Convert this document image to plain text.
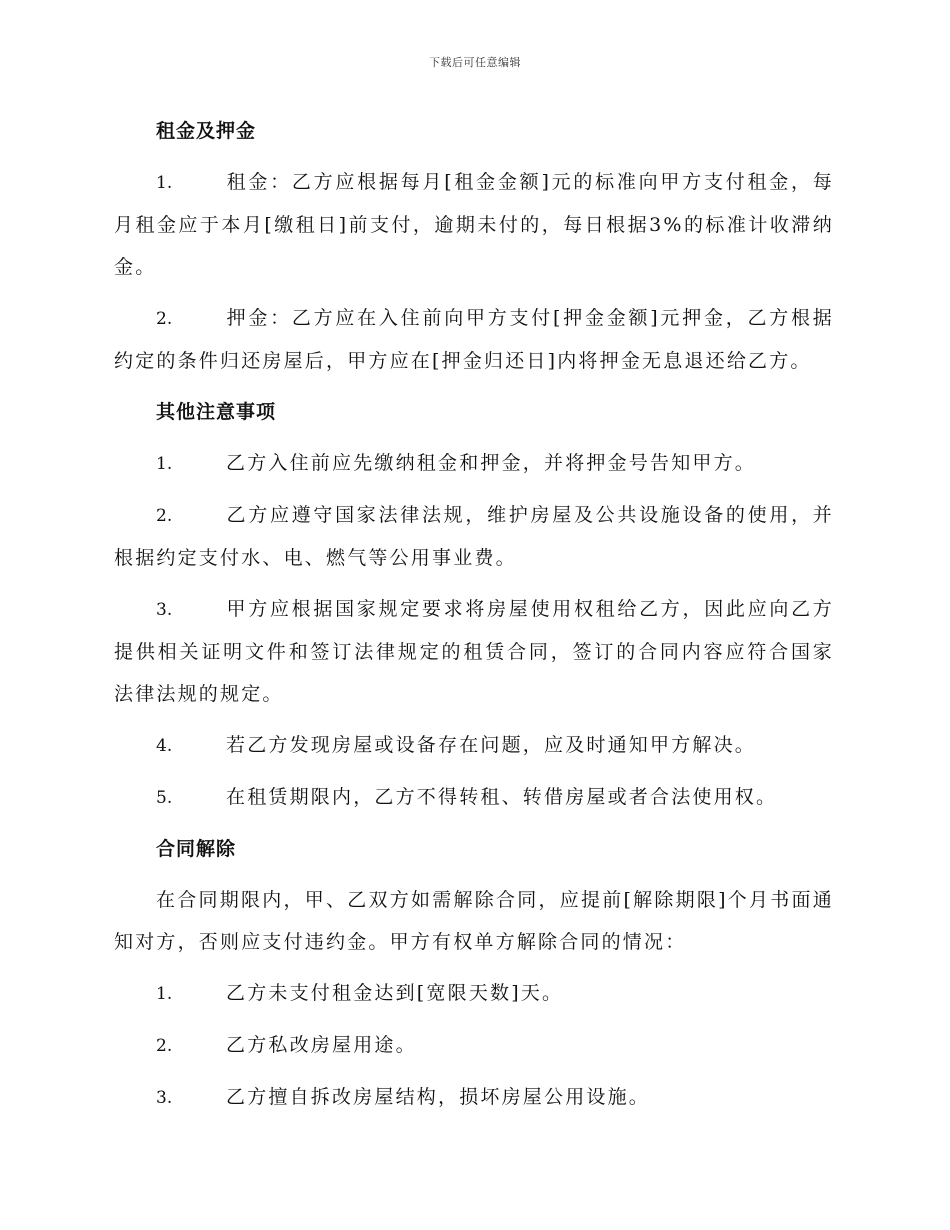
下载后可任意编辑
租金及押金

1.	租金：乙方应根据每月[租金金额]元的标准向甲方支付租金，每月租金应于本月[缴租日]前支付，逾期未付的，每日根据3%的标准计收滞纳金。

2.	押金：乙方应在入住前向甲方支付[押金金额]元押金，乙方根据约定的条件归还房屋后，甲方应在[押金归还日]内将押金无息退还给乙方。

其他注意事项

1.	乙方入住前应先缴纳租金和押金，并将押金号告知甲方。

2.	乙方应遵守国家法律法规，维护房屋及公共设施设备的使用，并根据约定支付水、电、燃气等公用事业费。

3.	甲方应根据国家规定要求将房屋使用权租给乙方，因此应向乙方提供相关证明文件和签订法律规定的租赁合同，签订的合同内容应符合国家法律法规的规定。

4.	若乙方发现房屋或设备存在问题，应及时通知甲方解决。

5.	在租赁期限内，乙方不得转租、转借房屋或者合法使用权。

合同解除

在合同期限内，甲、乙双方如需解除合同，应提前[解除期限]个月书面通知对方，否则应支付违约金。甲方有权单方解除合同的情况：

1.	乙方未支付租金达到[宽限天数]天。

2.	乙方私改房屋用途。

3.	乙方擅自拆改房屋结构，损坏房屋公用设施。
